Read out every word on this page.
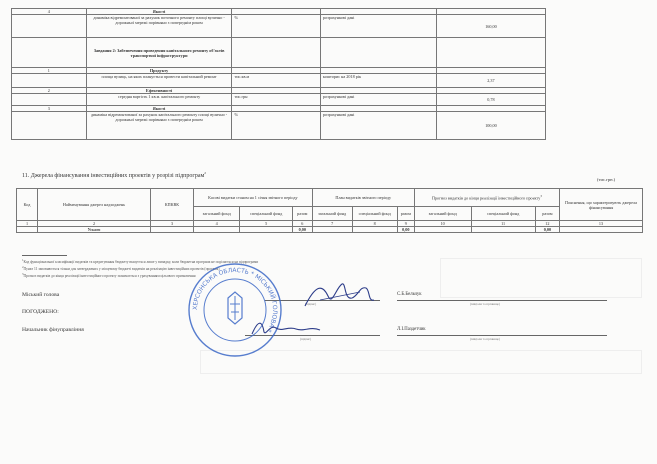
4	Якості			
	динаміка відремонтованої за рахунок поточного ремонту площі вулично - дорожньої мережі порівняно з попереднім роком	%	розрахункові дані	160,00
	Завдання 2: Забезпечення проведення капітального ремонту об'єктів транспортної інфраструктури			
1	Продукту			
	площа вулиць, на яких планується провести капітальний ремонт	тис.кв.м	кошторис на 2018 рік	2,37
2	Ефективності			
	середня вартість 1 кв.м. капітального ремонту	тис.грн	розрахункові дані	0,78
3	Якості			
	динаміка відремонтованої за рахунок капітального ремонту площі вулично - дорожньої мережі порівняно з попереднім роком	%	розрахункові дані	100,00
11. Джерела фінансування інвестиційних проектів у розрізі підпрограм$^2$
(тис.грн.)
Код	Найменування джерел надходжень	КПКВК	Касові видатки станом на 1 січня звітного періоду			План видатків звітного періоду			Прогноз видатків до кінця реалізації інвестиційного проекту$^3$			Пояснення, що характеризують джерела фінансування
			загальний фонд	спеціальний фонд	разом	загальний фонд	спеціальний фонд	разом	загальний фонд	спеціальний фонд	разом	
1	2	3	4	5	6	7	8	9	10	11	12	13
	Усього				0,00			0,00			0,00	
$^1$Код функціональної класифікації видатків та кредитування бюджету вказується лише у випадку, коли бюджетна програма не поділяється на підпрограми
$^2$Пункт 11 заповнюється тільки для затверджених у місцевому бюджеті видатків на реалізацію інвестиційних проектів (програм)
$^3$Прогноз видатків до кінця реалізації інвестиційного проекту зазначається з урахуванням цільового призначення
Міський голова
(підпис)
С.Б.Бельчук
(ініціали та прізвище)
ПОГОДЖЕНО:
Начальник фінуправління
(підпис)
Л.І.Паздетчик
(ініціали та прізвище)
ХЕРСОНСЬКА ОБЛАСТЬ * МІСЬКИЙ ГОЛОВА *
